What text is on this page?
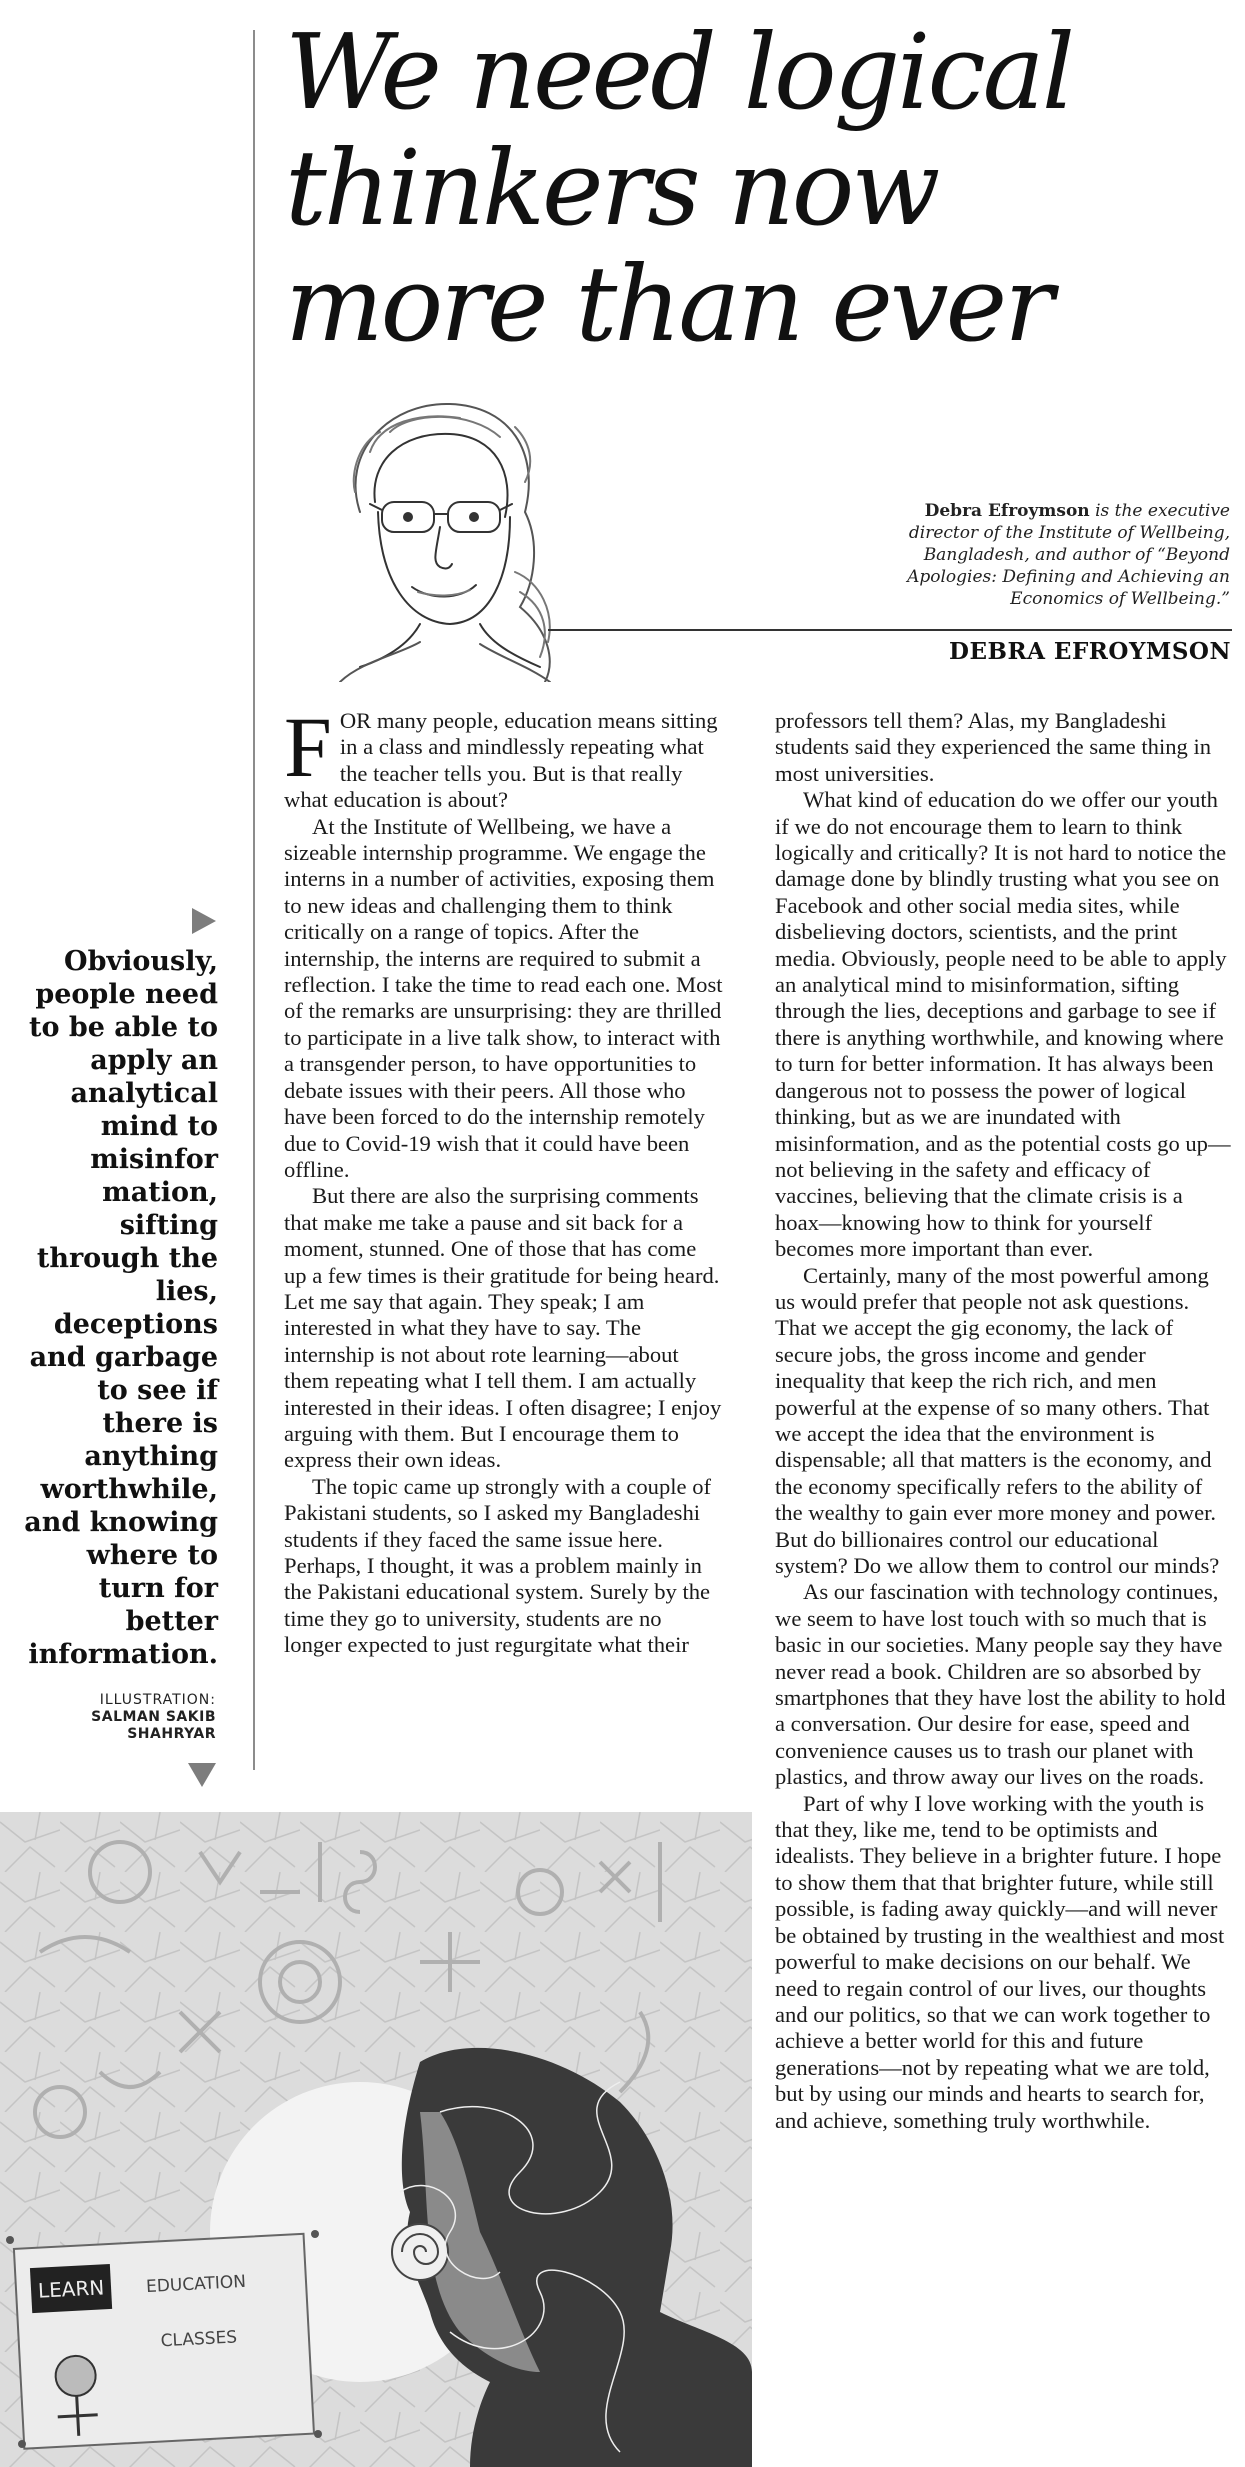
We need logical
thinkers now
more than ever
Debra Efroymson is the executive director of the Institute of Wellbeing, Bangladesh, and author of “Beyond Apologies: Defining and Achieving an Economics of Wellbeing.”
DEBRA EFROYMSON

FOR many people, education means sitting in a class and mindlessly repeating what the teacher tells you. But is that really what education is about?

At the Institute of Wellbeing, we have a sizeable internship programme. We engage the interns in a number of activities, exposing them to new ideas and challenging them to think critically on a range of topics. After the internship, the interns are required to submit a reflection. I take the time to read each one. Most of the remarks are unsurprising: they are thrilled to participate in a live talk show, to interact with a transgender person, to have opportunities to debate issues with their peers. All those who have been forced to do the internship remotely due to Covid-19 wish that it could have been offline.

But there are also the surprising comments that make me take a pause and sit back for a moment, stunned. One of those that has come up a few times is their gratitude for being heard. Let me say that again. They speak; I am interested in what they have to say. The internship is not about rote learning—about them repeating what I tell them. I am actually interested in their ideas. I often disagree; I enjoy arguing with them. But I encourage them to express their own ideas.

The topic came up strongly with a couple of Pakistani students, so I asked my Bangladeshi students if they faced the same issue here. Perhaps, I thought, it was a problem mainly in the Pakistani educational system. Surely by the time they go to university, students are no longer expected to just regurgitate what their

professors tell them? Alas, my Bangladeshi students said they experienced the same thing in most universities.

What kind of education do we offer our youth if we do not encourage them to learn to think logically and critically? It is not hard to notice the damage done by blindly trusting what you see on Facebook and other social media sites, while disbelieving doctors, scientists, and the print media. Obviously, people need to be able to apply an analytical mind to misinformation, sifting through the lies, deceptions and garbage to see if there is anything worthwhile, and knowing where to turn for better information. It has always been dangerous not to possess the power of logical thinking, but as we are inundated with misinformation, and as the potential costs go up—not believing in the safety and efficacy of vaccines, believing that the climate crisis is a hoax—knowing how to think for yourself becomes more important than ever.

Certainly, many of the most powerful among us would prefer that people not ask questions. That we accept the gig economy, the lack of secure jobs, the gross income and gender inequality that keep the rich rich, and men powerful at the expense of so many others. That we accept the idea that the environment is dispensable; all that matters is the economy, and the economy specifically refers to the ability of the wealthy to gain ever more money and power. But do billionaires control our educational system? Do we allow them to control our minds?

As our fascination with technology continues, we seem to have lost touch with so much that is basic in our societies. Many people say they have never read a book. Children are so absorbed by smartphones that they have lost the ability to hold a conversation. Our desire for ease, speed and convenience causes us to trash our planet with plastics, and throw away our lives on the roads.

Part of why I love working with the youth is that they, like me, tend to be optimists and idealists. They believe in a brighter future. I hope to show them that that brighter future, while still possible, is fading away quickly—and will never be obtained by trusting in the wealthiest and most powerful to make decisions on our behalf. We need to regain control of our lives, our thoughts and our politics, so that we can work together to achieve a better world for this and future generations—not by repeating what we are told, but by using our minds and hearts to search for, and achieve, something truly worthwhile.

Obviously, people need to be able to apply an analytical mind to misinfor mation, sifting through the lies, deceptions and garbage to see if there is anything worthwhile, and knowing where to turn for better information.

ILLUSTRATION:
SALMAN SAKIB SHAHRYAR
LEARN EDUCATION
CLASSES
